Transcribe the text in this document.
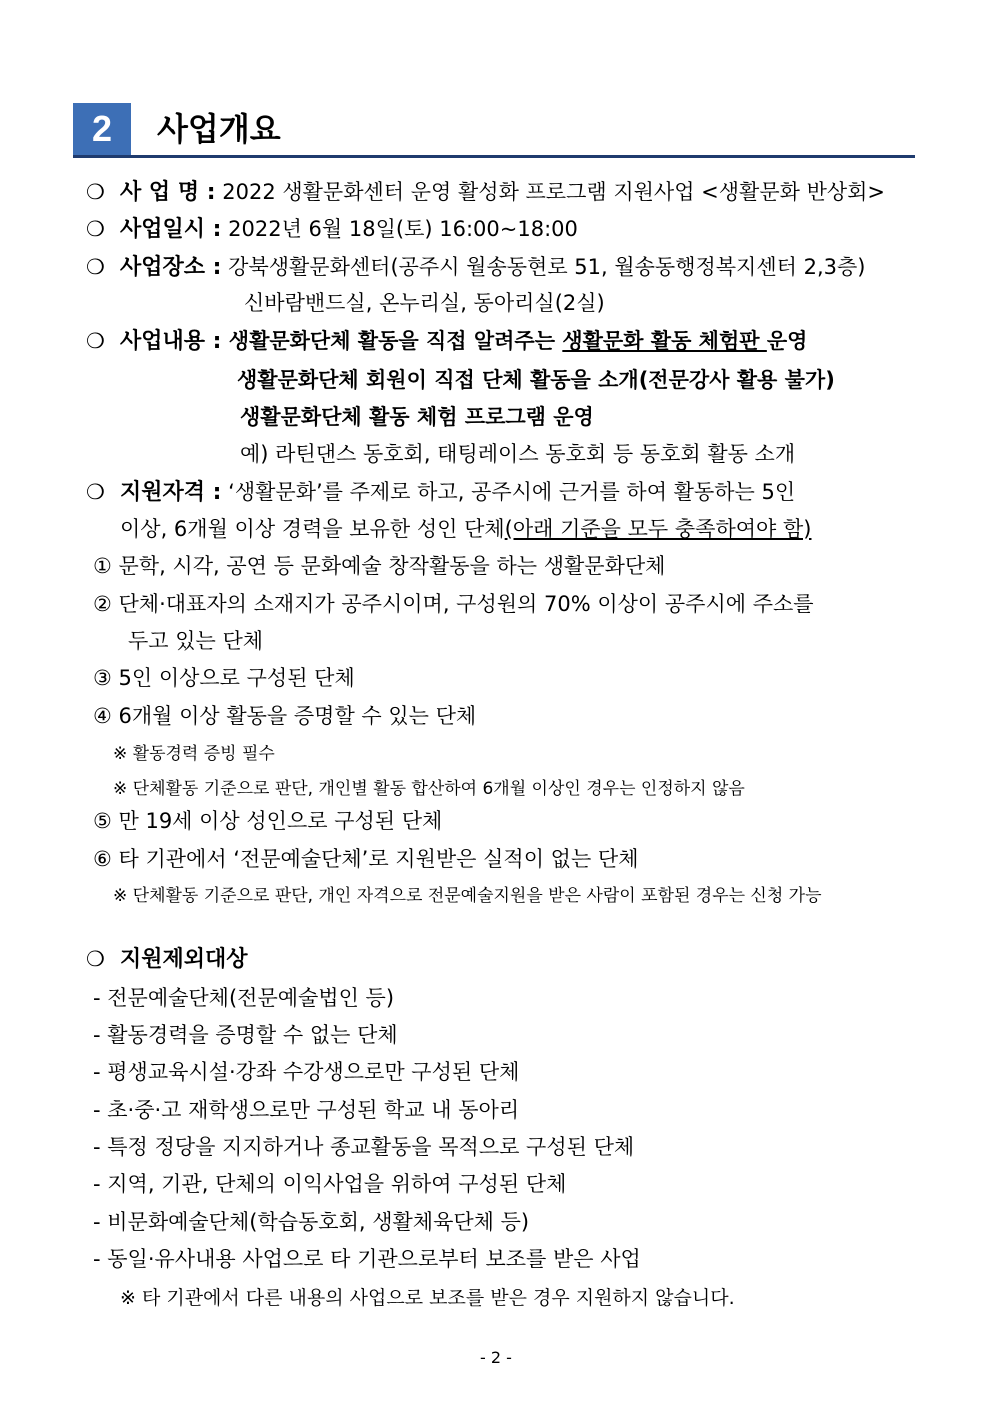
2	사업개요
❍ 사 업 명 : 2022 생활문화센터 운영 활성화 프로그램 지원사업 <생활문화 반상회>
❍ 사업일시 : 2022년 6월 18일(토) 16:00~18:00
❍ 사업장소 : 강북생활문화센터(공주시 월송동현로 51, 월송동행정복지센터 2,3층)
신바람밴드실, 온누리실, 동아리실(2실)
❍ 사업내용 : 생활문화단체 활동을 직접 알려주는 생활문화 활동 체험판 운영
생활문화단체 회원이 직접 단체 활동을 소개(전문강사 활용 불가)
생활문화단체 활동 체험 프로그램 운영
예) 라틴댄스 동호회, 태팅레이스 동호회 등 동호회 활동 소개
❍ 지원자격 : ‘생활문화’를 주제로 하고, 공주시에 근거를 하여 활동하는 5인
이상, 6개월 이상 경력을 보유한 성인 단체(아래 기준을 모두 충족하여야 함)
① 문학, 시각, 공연 등 문화예술 창작활동을 하는 생활문화단체
② 단체·대표자의 소재지가 공주시이며, 구성원의 70% 이상이 공주시에 주소를
두고 있는 단체
③ 5인 이상으로 구성된 단체
④ 6개월 이상 활동을 증명할 수 있는 단체
※ 활동경력 증빙 필수
※ 단체활동 기준으로 판단, 개인별 활동 합산하여 6개월 이상인 경우는 인정하지 않음
⑤ 만 19세 이상 성인으로 구성된 단체
⑥ 타 기관에서 ‘전문예술단체’로 지원받은 실적이 없는 단체
※ 단체활동 기준으로 판단, 개인 자격으로 전문예술지원을 받은 사람이 포함된 경우는 신청 가능
❍ 지원제외대상
- 전문예술단체(전문예술법인 등)
- 활동경력을 증명할 수 없는 단체
- 평생교육시설·강좌 수강생으로만 구성된 단체
- 초·중·고 재학생으로만 구성된 학교 내 동아리
- 특정 정당을 지지하거나 종교활동을 목적으로 구성된 단체
- 지역, 기관, 단체의 이익사업을 위하여 구성된 단체
- 비문화예술단체(학습동호회, 생활체육단체 등)
- 동일·유사내용 사업으로 타 기관으로부터 보조를 받은 사업
※ 타 기관에서 다른 내용의 사업으로 보조를 받은 경우 지원하지 않습니다.
- 2 -
